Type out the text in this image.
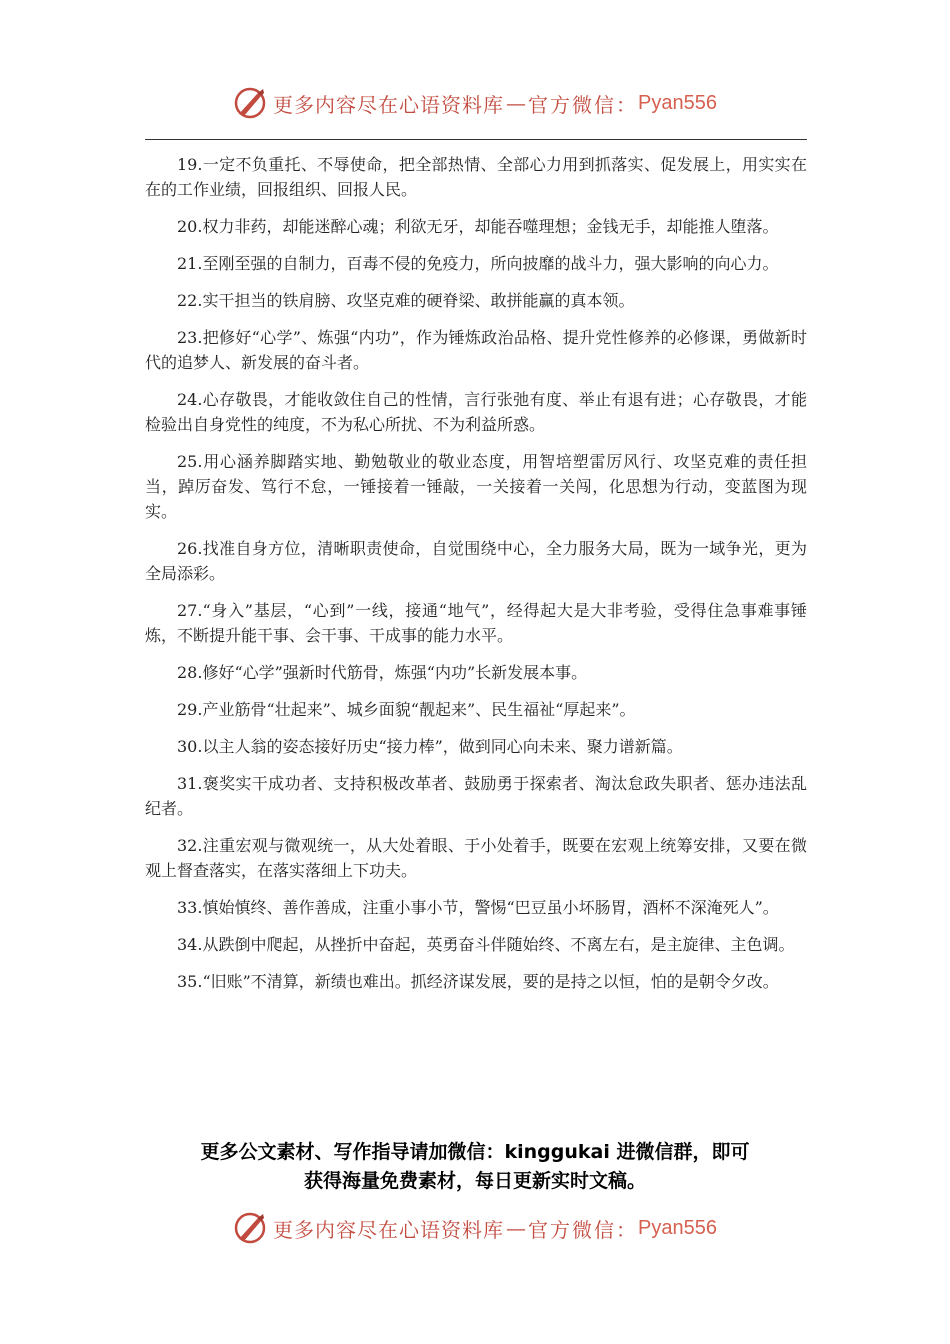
更多内容尽在心语资料库 — 官方微信： Pyan556

19.一定不负重托、不辱使命，把全部热情、全部心力用到抓落实、促发展上，用实实在在的工作业绩，回报组织、回报人民。

20.权力非药，却能迷醉心魂；利欲无牙，却能吞噬理想；金钱无手，却能推人堕落。

21.至刚至强的自制力，百毒不侵的免疫力，所向披靡的战斗力，强大影响的向心力。

22.实干担当的铁肩膀、攻坚克难的硬脊梁、敢拼能赢的真本领。

23.把修好“心学”、炼强“内功”，作为锤炼政治品格、提升党性修养的必修课，勇做新时代的追梦人、新发展的奋斗者。

24.心存敬畏，才能收敛住自己的性情，言行张弛有度、举止有退有进；心存敬畏，才能检验出自身党性的纯度，不为私心所扰、不为利益所惑。

25.用心涵养脚踏实地、勤勉敬业的敬业态度，用智培塑雷厉风行、攻坚克难的责任担当，踔厉奋发、笃行不怠，一锤接着一锤敲，一关接着一关闯，化思想为行动，变蓝图为现实。

26.找准自身方位，清晰职责使命，自觉围绕中心，全力服务大局，既为一域争光，更为全局添彩。

27.“身入”基层，“心到”一线，接通“地气”，经得起大是大非考验，受得住急事难事锤炼，不断提升能干事、会干事、干成事的能力水平。

28.修好“心学”强新时代筋骨，炼强“内功”长新发展本事。

29.产业筋骨“壮起来”、城乡面貌“靓起来”、民生福祉“厚起来”。

30.以主人翁的姿态接好历史“接力棒”，做到同心向未来、聚力谱新篇。

31.褒奖实干成功者、支持积极改革者、鼓励勇于探索者、淘汰怠政失职者、惩办违法乱纪者。

32.注重宏观与微观统一，从大处着眼、于小处着手，既要在宏观上统筹安排，又要在微观上督查落实，在落实落细上下功夫。

33.慎始慎终、善作善成，注重小事小节，警惕“巴豆虽小坏肠胃，酒杯不深淹死人”。

34.从跌倒中爬起，从挫折中奋起，英勇奋斗伴随始终、不离左右，是主旋律、主色调。

35.“旧账”不清算，新绩也难出。抓经济谋发展，要的是持之以恒，怕的是朝令夕改。

更多公文素材、写作指导请加微信：kinggukai 进微信群，即可
获得海量免费素材，每日更新实时文稿。
更多内容尽在心语资料库 — 官方微信： Pyan556
